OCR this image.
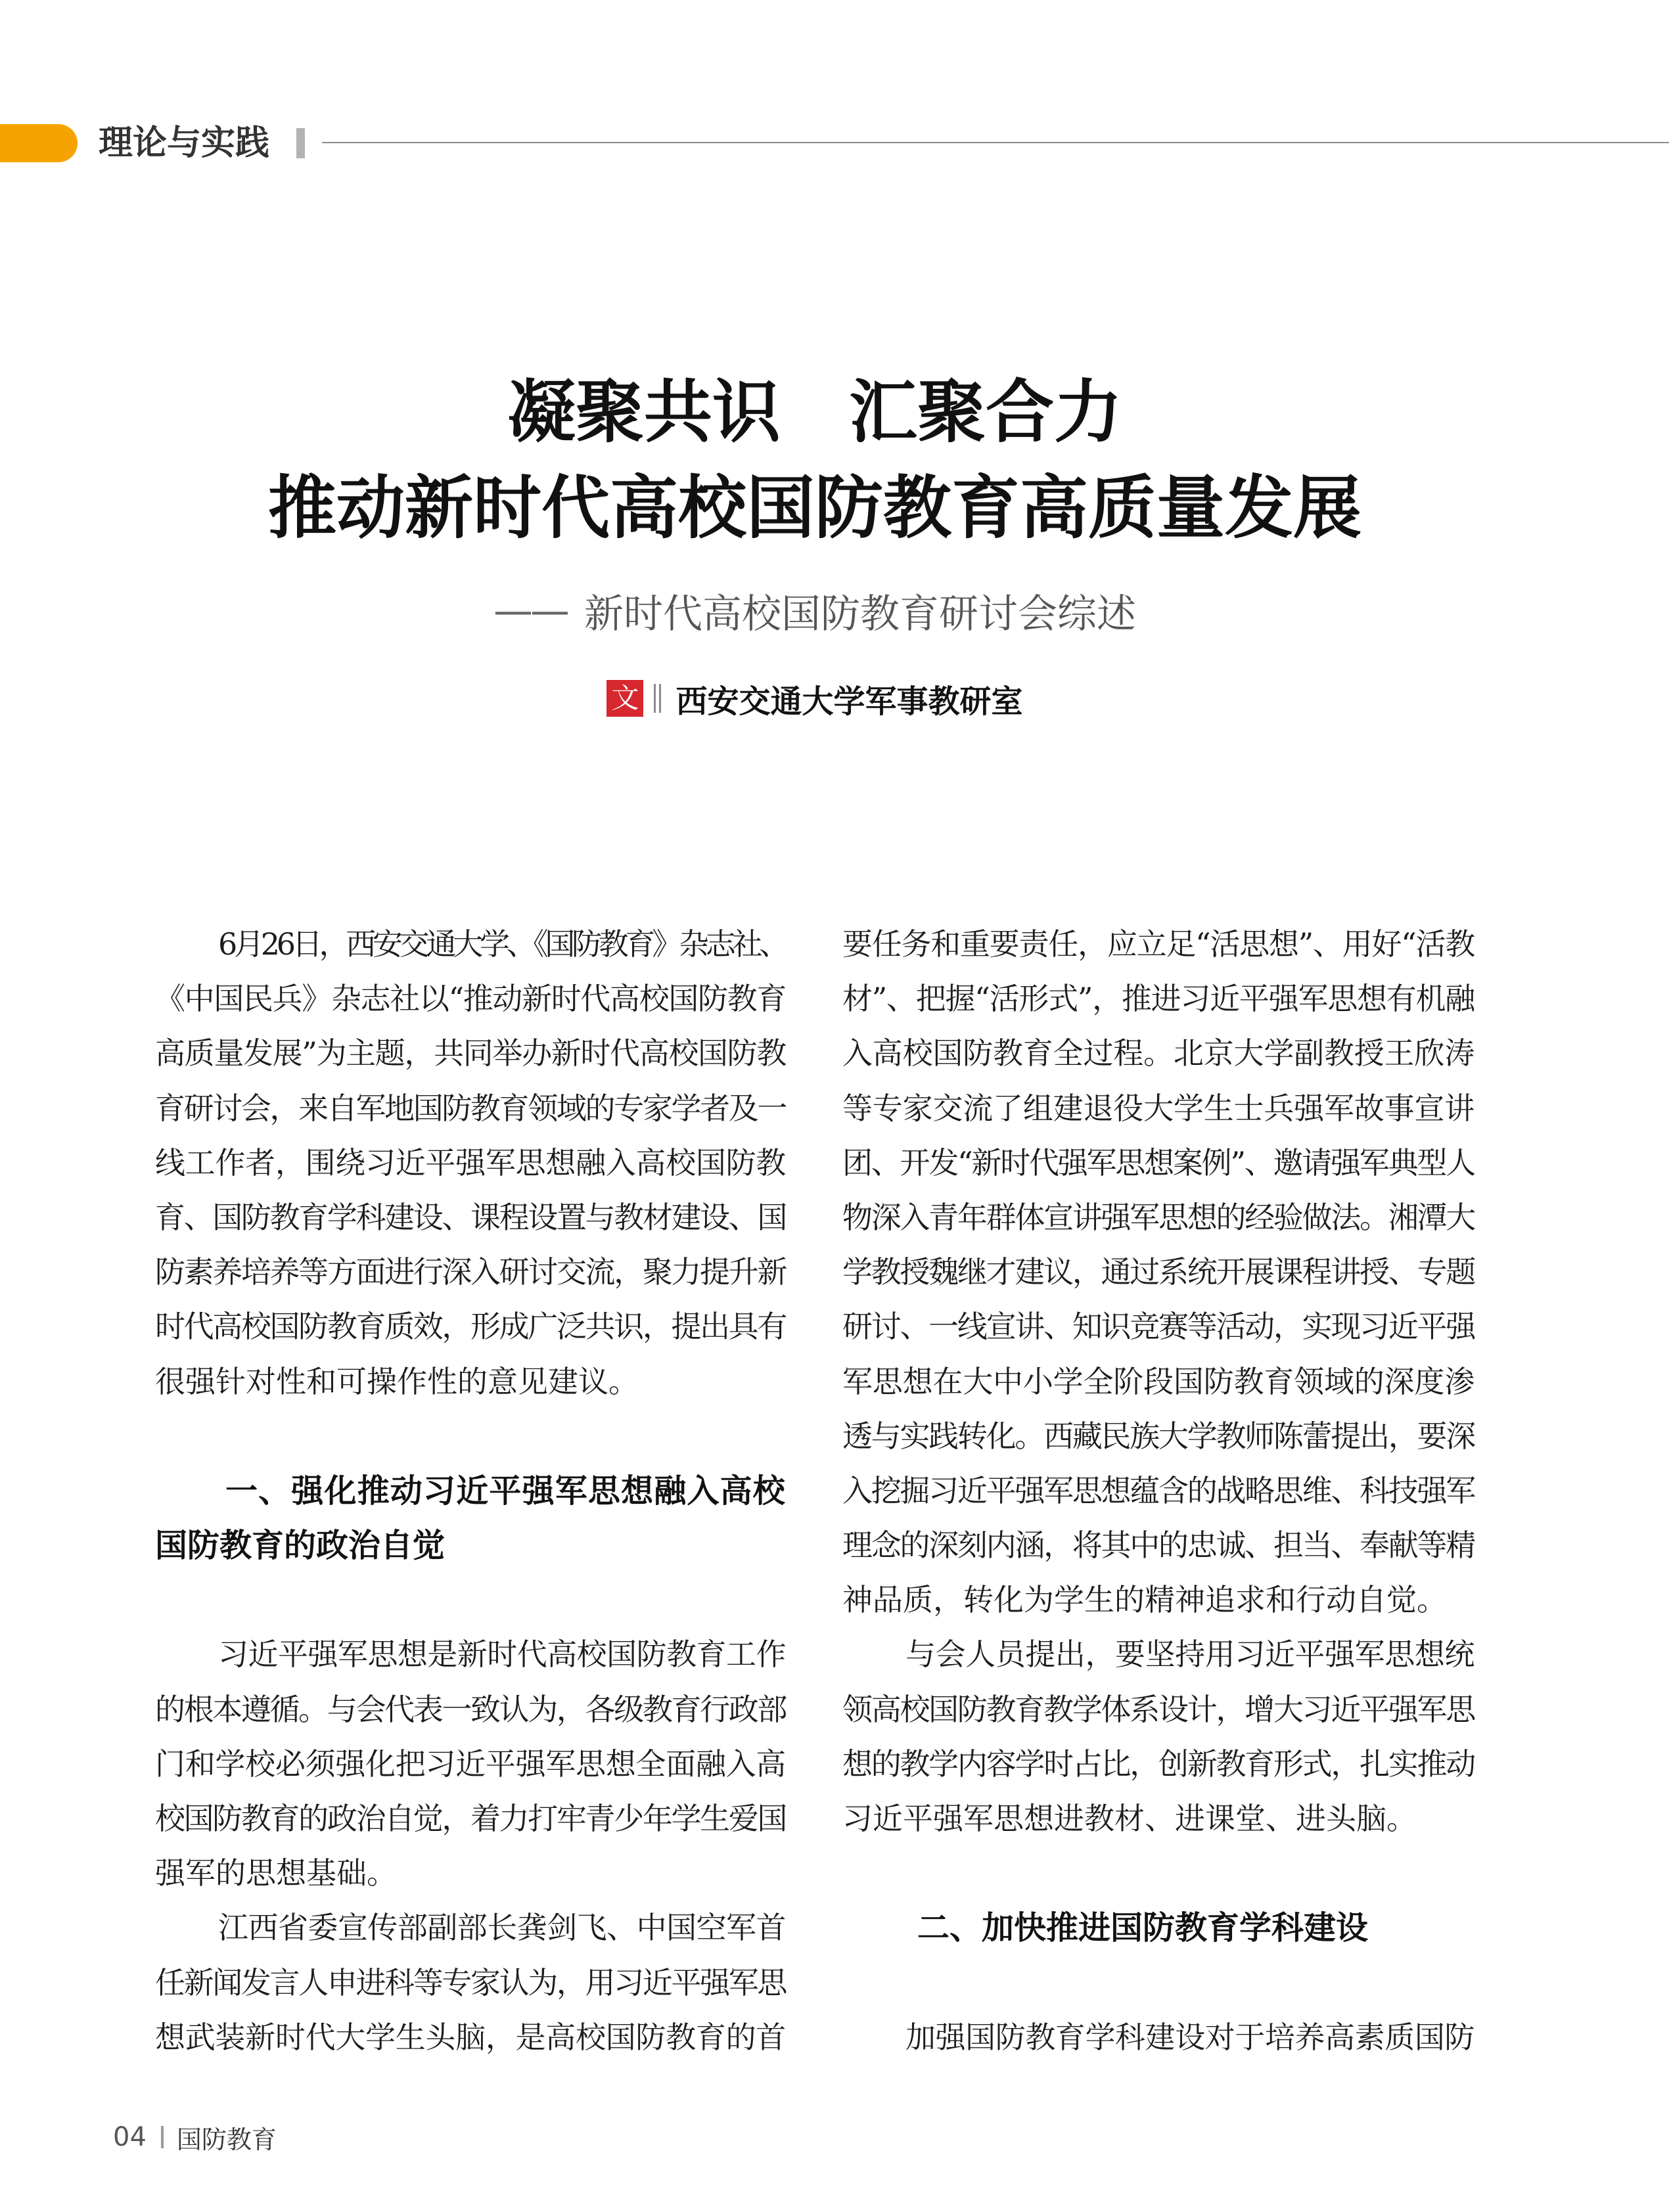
理论与实践
凝聚共识　汇聚合力
推动新时代高校国防教育高质量发展
—— 新时代高校国防教育研讨会综述
文 西安交通大学军事教研室
6月26日，西安交通大学、《国防教育》杂志社、
《中国民兵》杂志社以“推动新时代高校国防教育
高质量发展”为主题，共同举办新时代高校国防教
育研讨会，来自军地国防教育领域的专家学者及一
线工作者，围绕习近平强军思想融入高校国防教
育、国防教育学科建设、课程设置与教材建设、国
防素养培养等方面进行深入研讨交流，聚力提升新
时代高校国防教育质效，形成广泛共识，提出具有
很强针对性和可操作性的意见建议。
一、强化推动习近平强军思想融入高校
国防教育的政治自觉
习近平强军思想是新时代高校国防教育工作
的根本遵循。与会代表一致认为，各级教育行政部
门和学校必须强化把习近平强军思想全面融入高
校国防教育的政治自觉，着力打牢青少年学生爱国
强军的思想基础。
江西省委宣传部副部长龚剑飞、中国空军首
任新闻发言人申进科等专家认为，用习近平强军思
想武装新时代大学生头脑，是高校国防教育的首
要任务和重要责任，应立足“活思想”、用好“活教
材”、把握“活形式”，推进习近平强军思想有机融
入高校国防教育全过程。北京大学副教授王欣涛
等专家交流了组建退役大学生士兵强军故事宣讲
团、开发“新时代强军思想案例”、邀请强军典型人
物深入青年群体宣讲强军思想的经验做法。湘潭大
学教授魏继才建议，通过系统开展课程讲授、专题
研讨、一线宣讲、知识竞赛等活动，实现习近平强
军思想在大中小学全阶段国防教育领域的深度渗
透与实践转化。西藏民族大学教师陈蕾提出，要深
入挖掘习近平强军思想蕴含的战略思维、科技强军
理念的深刻内涵，将其中的忠诚、担当、奉献等精
神品质，转化为学生的精神追求和行动自觉。
与会人员提出，要坚持用习近平强军思想统
领高校国防教育教学体系设计，增大习近平强军思
想的教学内容学时占比，创新教育形式，扎实推动
习近平强军思想进教材、进课堂、进头脑。
二、加快推进国防教育学科建设
加强国防教育学科建设对于培养高素质国防
04 国防教育
